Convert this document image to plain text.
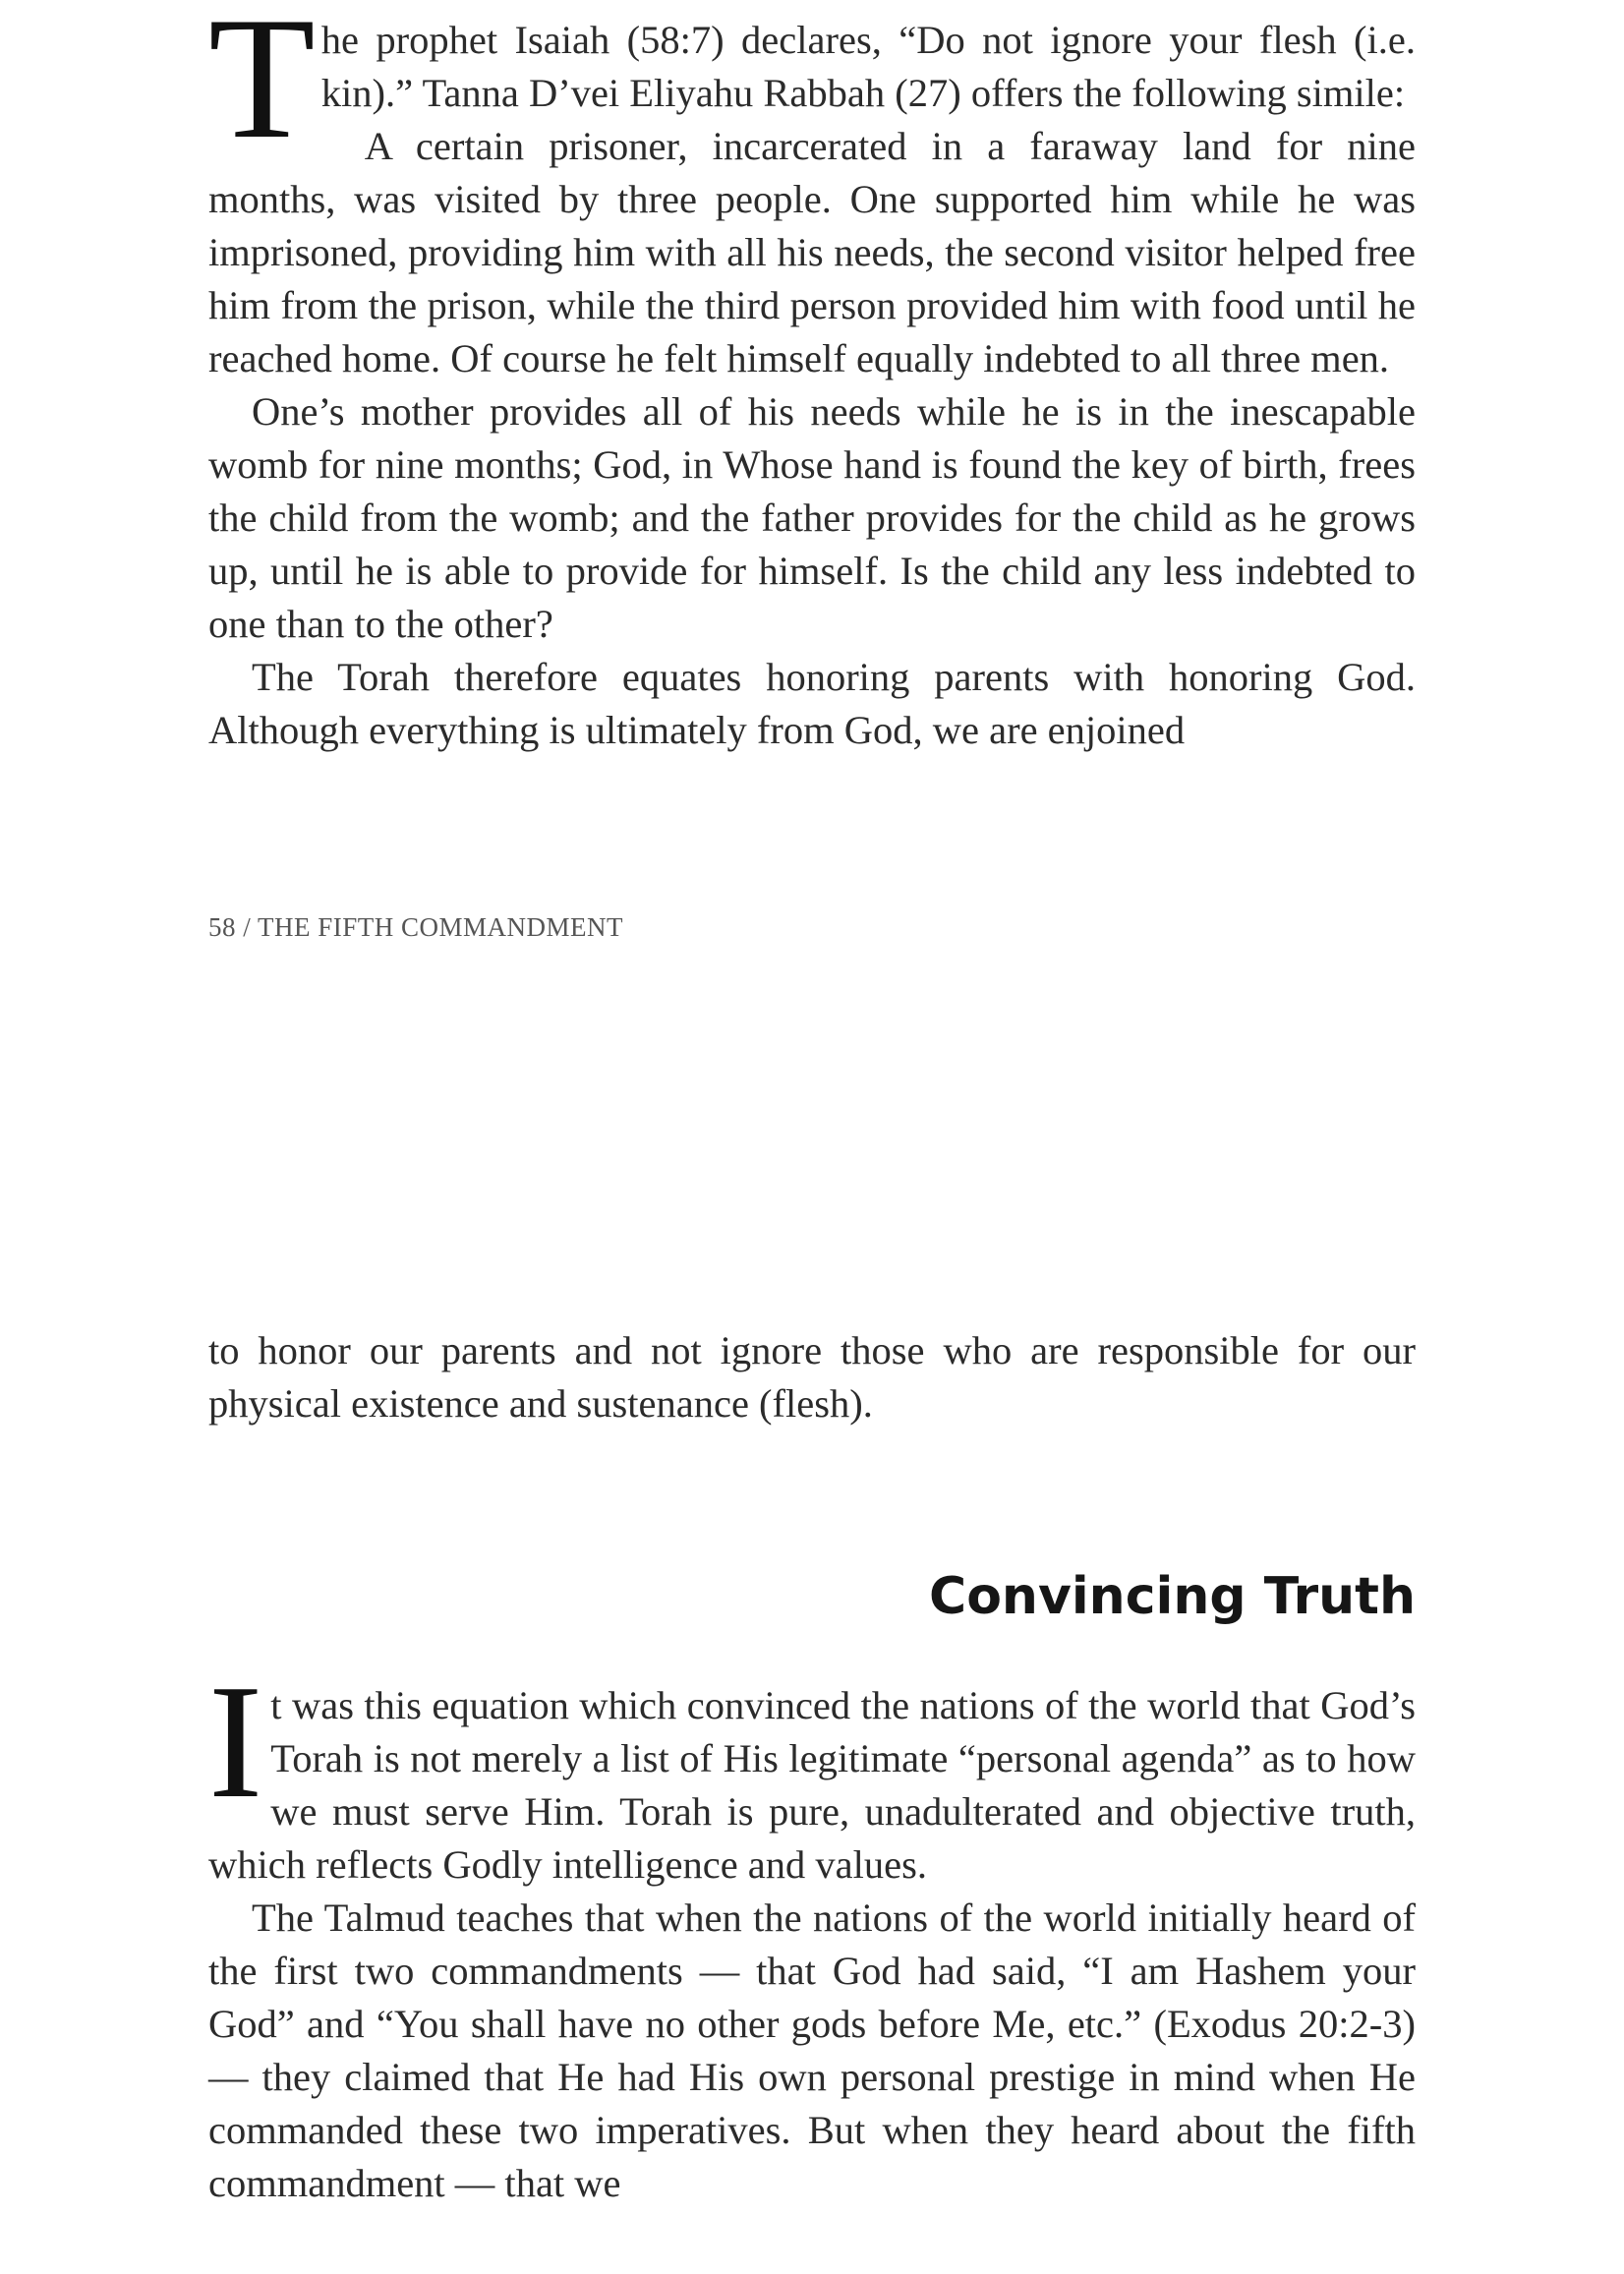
The prophet Isaiah (58:7) declares, “Do not ignore your flesh (i.e. kin).” Tanna D’vei Eliyahu Rabbah (27) offers the following simile:

A certain prisoner, incarcerated in a faraway land for nine months, was visited by three people. One supported him while he was imprisoned, providing him with all his needs, the second visitor helped free him from the prison, while the third person provided him with food until he reached home. Of course he felt himself equally indebted to all three men.

One’s mother provides all of his needs while he is in the inescapable womb for nine months; God, in Whose hand is found the key of birth, frees the child from the womb; and the father provides for the child as he grows up, until he is able to provide for himself. Is the child any less indebted to one than to the other?

The Torah therefore equates honoring parents with honoring God. Although everything is ultimately from God, we are enjoined

58 / THE FIFTH COMMANDMENT

to honor our parents and not ignore those who are responsible for our physical existence and sustenance (flesh).

Convincing Truth

It was this equation which convinced the nations of the world that God’s Torah is not merely a list of His legitimate “personal agenda” as to how we must serve Him. Torah is pure, unadulterated and objective truth, which reflects Godly intelligence and values.

The Talmud teaches that when the nations of the world initially heard of the first two commandments — that God had said, “I am Hashem your God” and “You shall have no other gods before Me, etc.” (Exodus 20:2-3) — they claimed that He had His own personal prestige in mind when He commanded these two imperatives. But when they heard about the fifth commandment — that we
